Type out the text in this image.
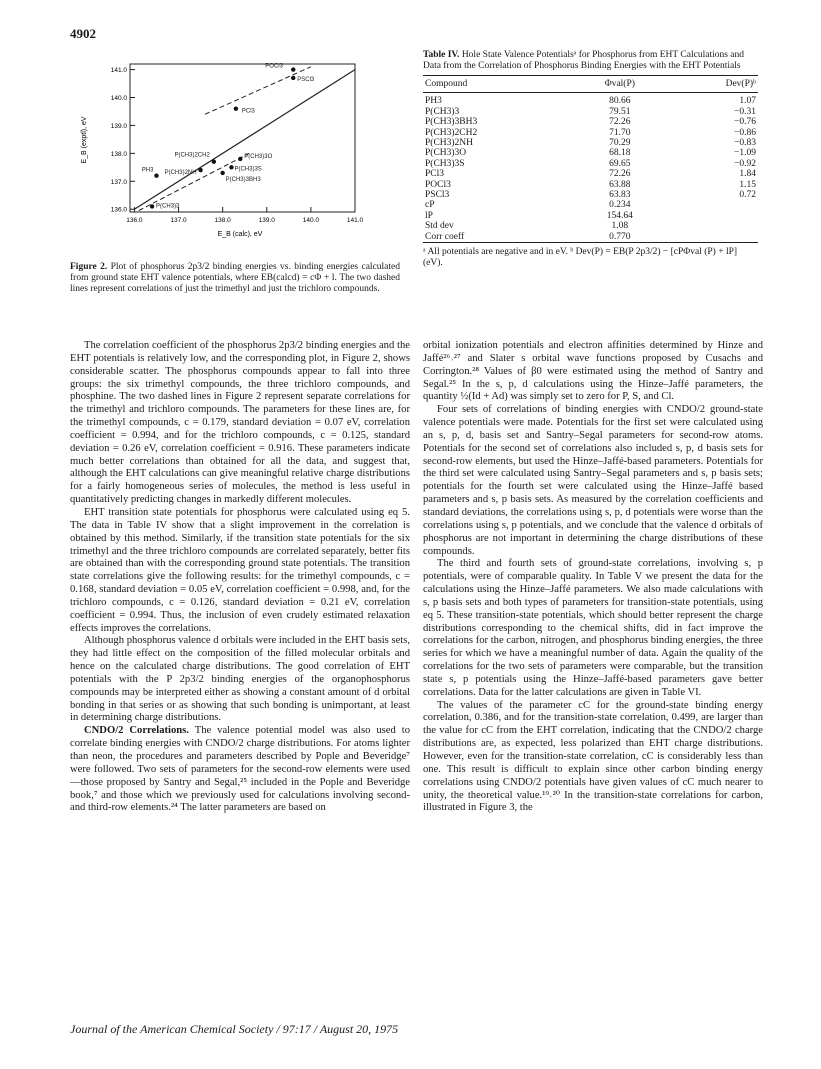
4902
POCl3
PSCl3
PCl3
P(CH3)3O
P(CH3)3S
P(CH3)2CH2
P(CH3)3BH3
P(CH3)2NH
PH3
P(CH3)3
141.0
140.0
139.0
138.0
137.0
136.0
136.0	137.0	138.0	139.0	140.0	141.0
E_B (exptl), eV
E_B (calc), eV
Figure 2. Plot of phosphorus 2p3/2 binding energies vs. binding energies calculated from ground state EHT valence potentials, where EB(calcd) = cΦ + l. The two dashed lines represent correlations of just the trimethyl and just the trichloro compounds.
Table IV. Hole State Valence Potentialsᵃ for Phosphorus from EHT Calculations and Data from the Correlation of Phosphorus Binding Energies with the EHT Potentials
Compound	Φval(P)	Dev(P)ᵇ
PH3	80.66	1.07
P(CH3)3	79.51	−0.31
P(CH3)3BH3	72.26	−0.76
P(CH3)2CH2	71.70	−0.86
P(CH3)2NH	70.29	−0.83
P(CH3)3O	68.18	−1.09
P(CH3)3S	69.65	−0.92
PCl3	72.26	1.84
POCl3	63.88	1.15
PSCl3	63.83	0.72
cP	0.234	
lP	154.64	
Std dev	1.08	
Corr coeff	0.770	

ᵃ All potentials are negative and in eV. ᵇ Dev(P) = EB(P 2p3/2) − [cPΦval (P) + lP] (eV).

The correlation coefficient of the phosphorus 2p3/2 binding energies and the EHT potentials is relatively low, and the corresponding plot, in Figure 2, shows considerable scatter. The phosphorus compounds appear to fall into three groups: the six trimethyl compounds, the three trichloro compounds, and phosphine. The two dashed lines in Figure 2 represent separate correlations for the trimethyl and trichloro compounds. The parameters for these lines are, for the trimethyl compounds, c = 0.179, standard deviation = 0.07 eV, correlation coefficient = 0.994, and for the trichloro compounds, c = 0.125, standard deviation = 0.26 eV, correlation coefficient = 0.916. These parameters indicate much better correlations than obtained for all the data, and suggest that, although the EHT calculations can give meaningful relative charge distributions for a fairly homogeneous series of molecules, the method is less useful in quantitatively predicting changes in markedly different molecules.

EHT transition state potentials for phosphorus were calculated using eq 5. The data in Table IV show that a slight improvement in the correlation is obtained by this method. Similarly, if the transition state potentials for the six trimethyl and the three trichloro compounds are correlated separately, better fits are obtained than with the corresponding ground state potentials. The transition state correlations give the following results: for the trimethyl compounds, c = 0.168, standard deviation = 0.05 eV, correlation coefficient = 0.998, and, for the trichloro compounds, c = 0.126, standard deviation = 0.21 eV, correlation coefficient = 0.994. Thus, the inclusion of even crudely estimated relaxation effects improves the correlations.

Although phosphorus valence d orbitals were included in the EHT basis sets, they had little effect on the composition of the filled molecular orbitals and hence on the calculated charge distributions. The good correlation of EHT potentials with the P 2p3/2 binding energies of the organophosphorus compounds may be interpreted either as showing a constant amount of d orbital bonding in that series or as showing that such bonding is unimportant, at least in determining charge distributions.

CNDO/2 Correlations. The valence potential model was also used to correlate binding energies with CNDO/2 charge distributions. For atoms lighter than neon, the procedures and parameters described by Pople and Beveridge⁷ were followed. Two sets of parameters for the second-row elements were used—those proposed by Santry and Segal,²⁵ included in the Pople and Beveridge book,⁷ and those which we previously used for calculations involving second- and third-row elements.²⁴ The latter parameters are based on

orbital ionization potentials and electron affinities determined by Hinze and Jaffé²⁶˒²⁷ and Slater s orbital wave functions proposed by Cusachs and Corrington.²⁸ Values of β0 were estimated using the method of Santry and Segal.²⁵ In the s, p, d calculations using the Hinze–Jaffé parameters, the quantity ½(Id + Ad) was simply set to zero for P, S, and Cl.

Four sets of correlations of binding energies with CNDO/2 ground-state valence potentials were made. Potentials for the first set were calculated using an s, p, d, basis set and Santry–Segal parameters for second-row atoms. Potentials for the second set of correlations also included s, p, d basis sets for second-row elements, but used the Hinze–Jaffé-based parameters. Potentials for the third set were calculated using Santry–Segal parameters and s, p basis sets; potentials for the fourth set were calculated using the Hinze–Jaffé based parameters and s, p basis sets. As measured by the correlation coefficients and standard deviations, the correlations using s, p, d potentials were worse than the correlations using s, p potentials, and we conclude that the valence d orbitals of phosphorus are not important in determining the charge distributions of these compounds.

The third and fourth sets of ground-state correlations, involving s, p potentials, were of comparable quality. In Table V we present the data for the calculations using the Hinze–Jaffé parameters. We also made calculations with s, p basis sets and both types of parameters for transition-state potentials, using eq 5. These transition-state potentials, which should better represent the charge distributions corresponding to the chemical shifts, did in fact improve the correlations for the carbon, nitrogen, and phosphorus binding energies, the three series for which we have a meaningful number of data. Again the quality of the correlations for the two sets of parameters were comparable, but the transition state s, p potentials using the Hinze–Jaffé-based parameters gave better correlations. Data for the latter calculations are given in Table VI.

The values of the parameter cC for the ground-state binding energy correlation, 0.386, and for the transition-state correlation, 0.499, are larger than the value for cC from the EHT correlation, indicating that the CNDO/2 charge distributions are, as expected, less polarized than EHT charge distributions. However, even for the transition-state correlation, cC is considerably less than one. This result is difficult to explain since other carbon binding energy correlations using CNDO/2 potentials have given values of cC much nearer to unity, the theoretical value.¹⁹˒²⁰ In the transition-state correlations for carbon, illustrated in Figure 3, the

Journal of the American Chemical Society / 97:17 / August 20, 1975
